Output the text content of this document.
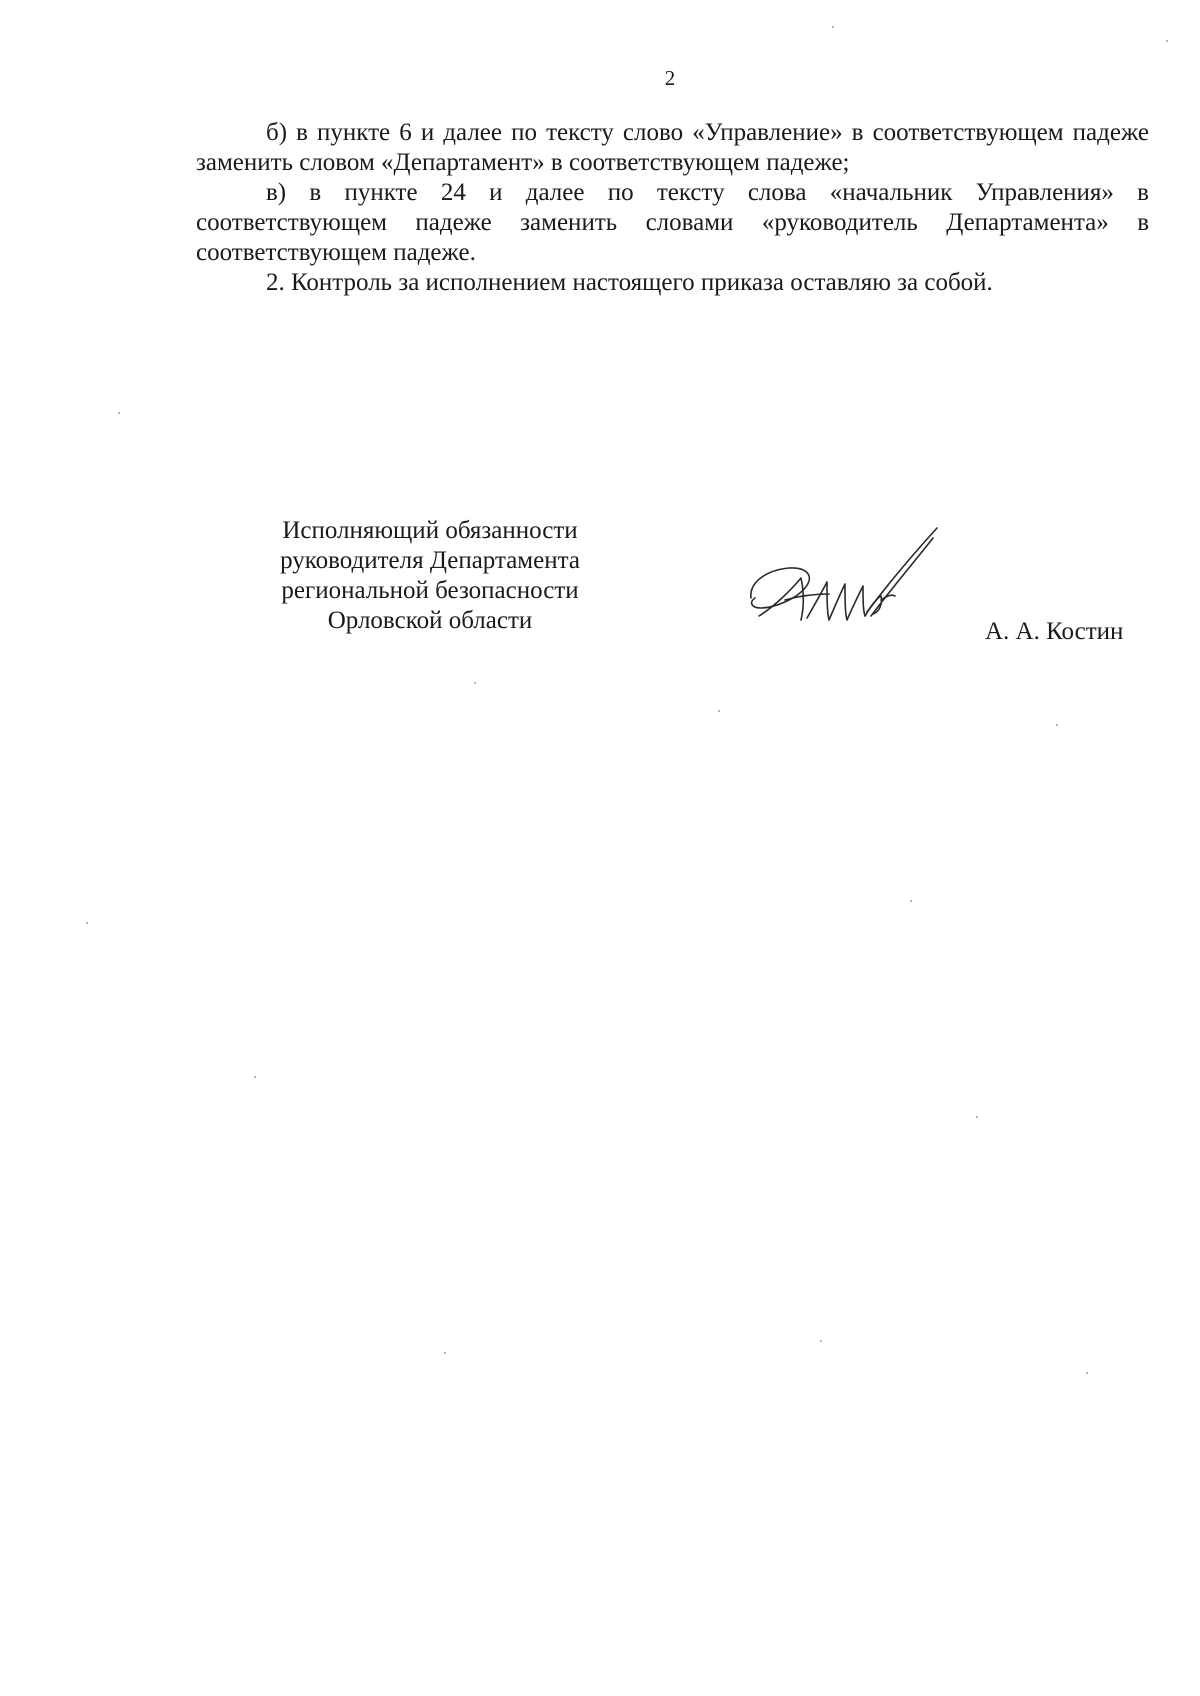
2

б) в пункте 6 и далее по тексту слово «Управление» в соответствующем падеже заменить словом «Департамент» в соответствующем падеже;

в) в пункте 24 и далее по тексту слова «начальник Управления» в соответствующем падеже заменить словами «руководитель Департамента» в соответствующем падеже.

2. Контроль за исполнением настоящего приказа оставляю за собой.

Исполняющий обязанности
руководителя Департамента
региональной безопасности
Орловской области	А. А. Костин
